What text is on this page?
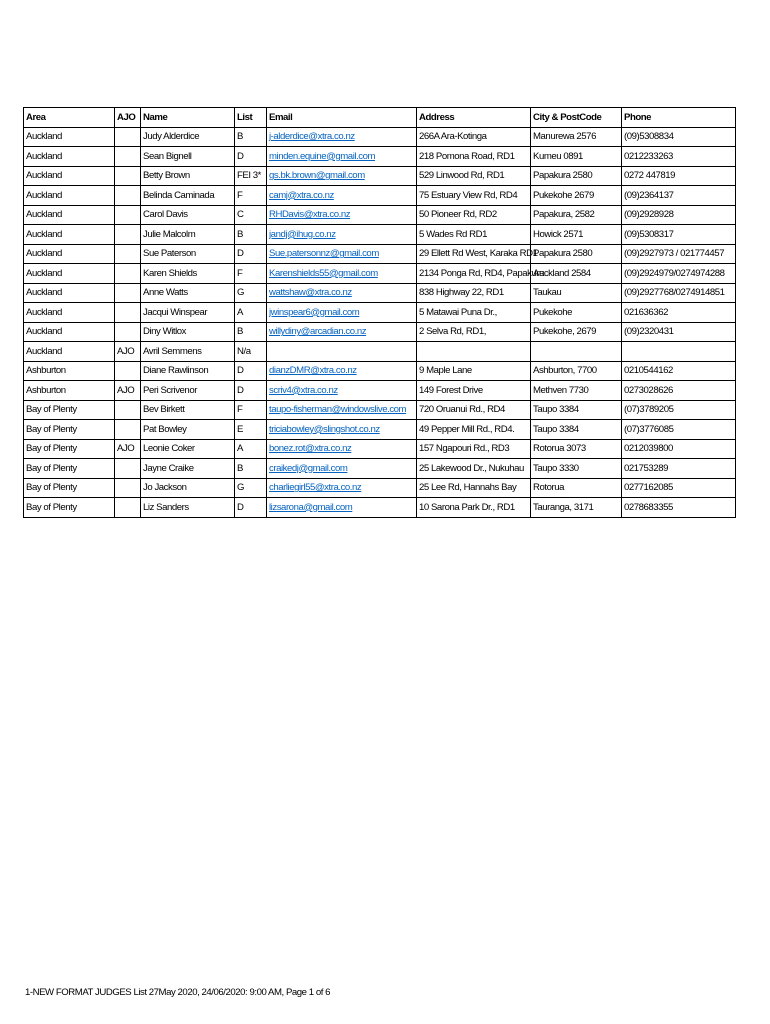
Area	AJO	Name	List	Email	Address	City & PostCode	Phone
Auckland		Judy Alderdice	B	j-alderdice@xtra.co.nz	266A Ara-Kotinga	Manurewa 2576	(09)5308834
Auckland		Sean Bignell	D	minden.equine@gmail.com	218 Pomona Road, RD1	Kumeu 0891	0212233263
Auckland		Betty Brown	FEI 3*	gs.bk.brown@gmail.com	529 Linwood Rd, RD1	Papakura 2580	0272 447819
Auckland		Belinda Caminada	F	camj@xtra.co.nz	75 Estuary View Rd, RD4	Pukekohe 2679	(09)2364137
Auckland		Carol Davis	C	RHDavis@xtra.co.nz	50 Pioneer Rd, RD2	Papakura, 2582	(09)2928928
Auckland		Julie Malcolm	B	jandj@ihug.co.nz	5 Wades Rd RD1	Howick 2571	(09)5308317
Auckland		Sue Paterson	D	Sue.patersonnz@gmail.com	29 Ellett Rd West, Karaka RD1	Papakura 2580	(09)2927973 / 021774457
Auckland		Karen Shields	F	Karenshields55@gmail.com	2134 Ponga Rd, RD4, Papakura	Auckland 2584	(09)2924979/0274974288
Auckland		Anne Watts	G	wattshaw@xtra.co.nz	838 Highway 22, RD1	Taukau	(09)2927768/0274914851
Auckland		Jacqui Winspear	A	jwinspear6@gmail.com	5 Matawai Puna Dr.,	Pukekohe	021636362
Auckland		Diny Witlox	B	willydiny@arcadian.co.nz	2 Selva Rd, RD1,	Pukekohe, 2679	(09)2320431
Auckland	AJO	Avril Semmens	N/a				
Ashburton		Diane Rawlinson	D	dianzDMR@xtra.co.nz	9 Maple Lane	Ashburton, 7700	0210544162
Ashburton	AJO	Peri Scrivenor	D	scriv4@xtra.co.nz	149 Forest Drive	Methven 7730	0273028626
Bay of Plenty		Bev Birkett	F	taupo-fisherman@windowslive.com	720 Oruanui Rd., RD4	Taupo 3384	(07)3789205
Bay of Plenty		Pat Bowley	E	triciabowley@slingshot.co.nz	49 Pepper Mill Rd., RD4.	Taupo 3384	(07)3776085
Bay of Plenty	AJO	Leonie Coker	A	bonez.rot@xtra.co.nz	157 Ngapouri Rd., RD3	Rotorua 3073	0212039800
Bay of Plenty		Jayne Craike	B	craikedj@gmail.com	25 Lakewood Dr., Nukuhau	Taupo 3330	021753289
Bay of Plenty		Jo Jackson	G	charliegirl55@xtra.co.nz	25 Lee Rd, Hannahs Bay	Rotorua	0277162085
Bay of Plenty		Liz Sanders	D	lizsarona@gmail.com	10 Sarona Park Dr., RD1	Tauranga, 3171	0278683355
1-NEW FORMAT JUDGES List 27May 2020, 24/06/2020: 9:00 AM, Page 1 of 6
